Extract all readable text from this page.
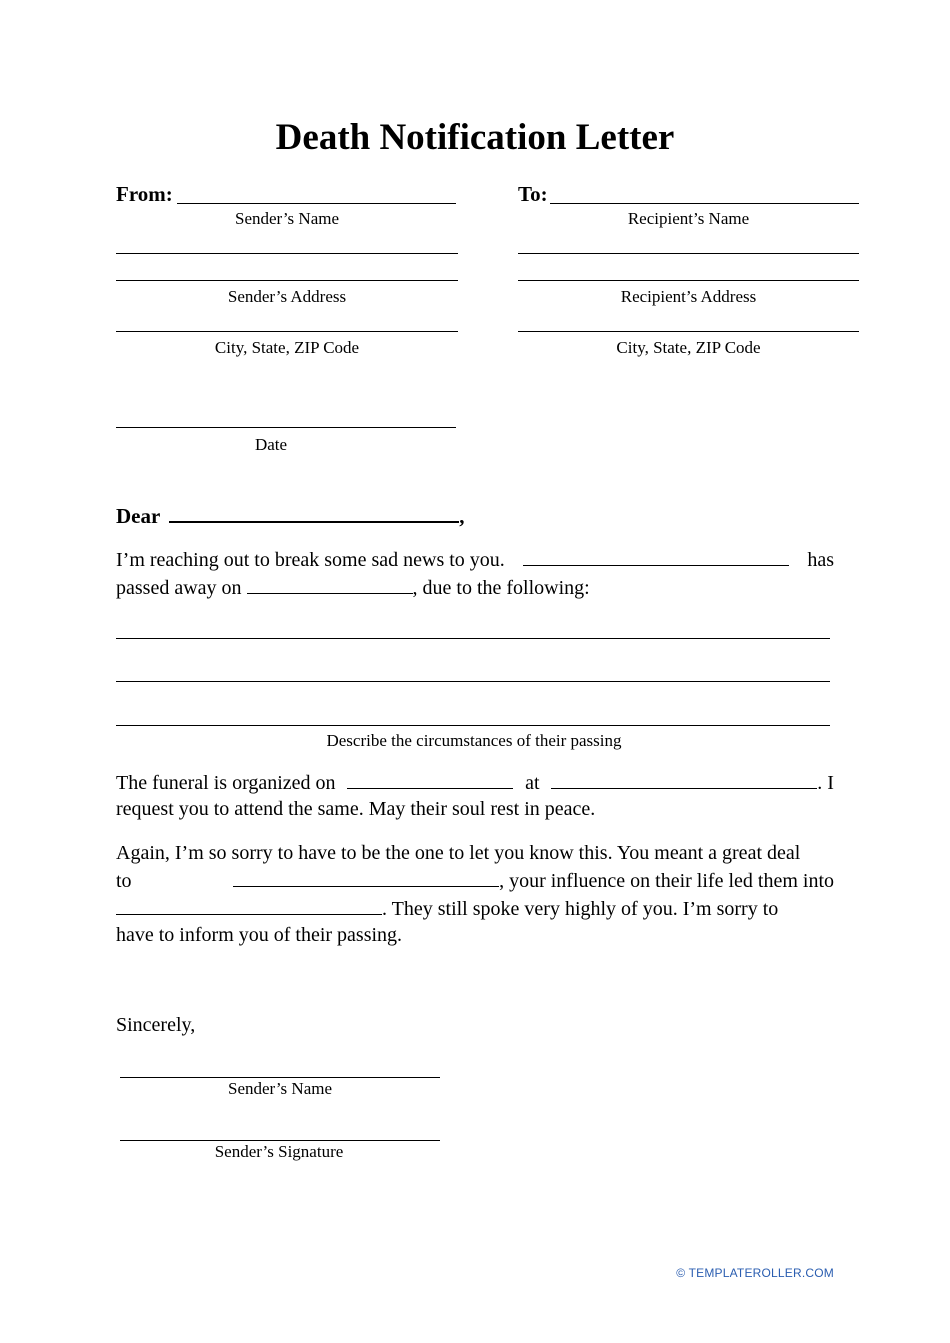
Death Notification Letter
From:
Sender’s Name
Sender’s Address
City, State, ZIP Code
To:
Recipient’s Name
Recipient’s Address
City, State, ZIP Code
Date
Dear	,
I’m reaching out to break some sad news to you.	has
passed away on	, due to the following:
Describe the circumstances of their passing
The funeral is organized on	at	. I
request you to attend the same. May their soul rest in peace.
Again, I’m so sorry to have to be the one to let you know this. You meant a great deal
to	, your influence on their life led them into
. They still spoke very highly of you. I’m sorry to
have to inform you of their passing.
Sincerely,
Sender’s Name
Sender’s Signature
© TEMPLATEROLLER.COM
